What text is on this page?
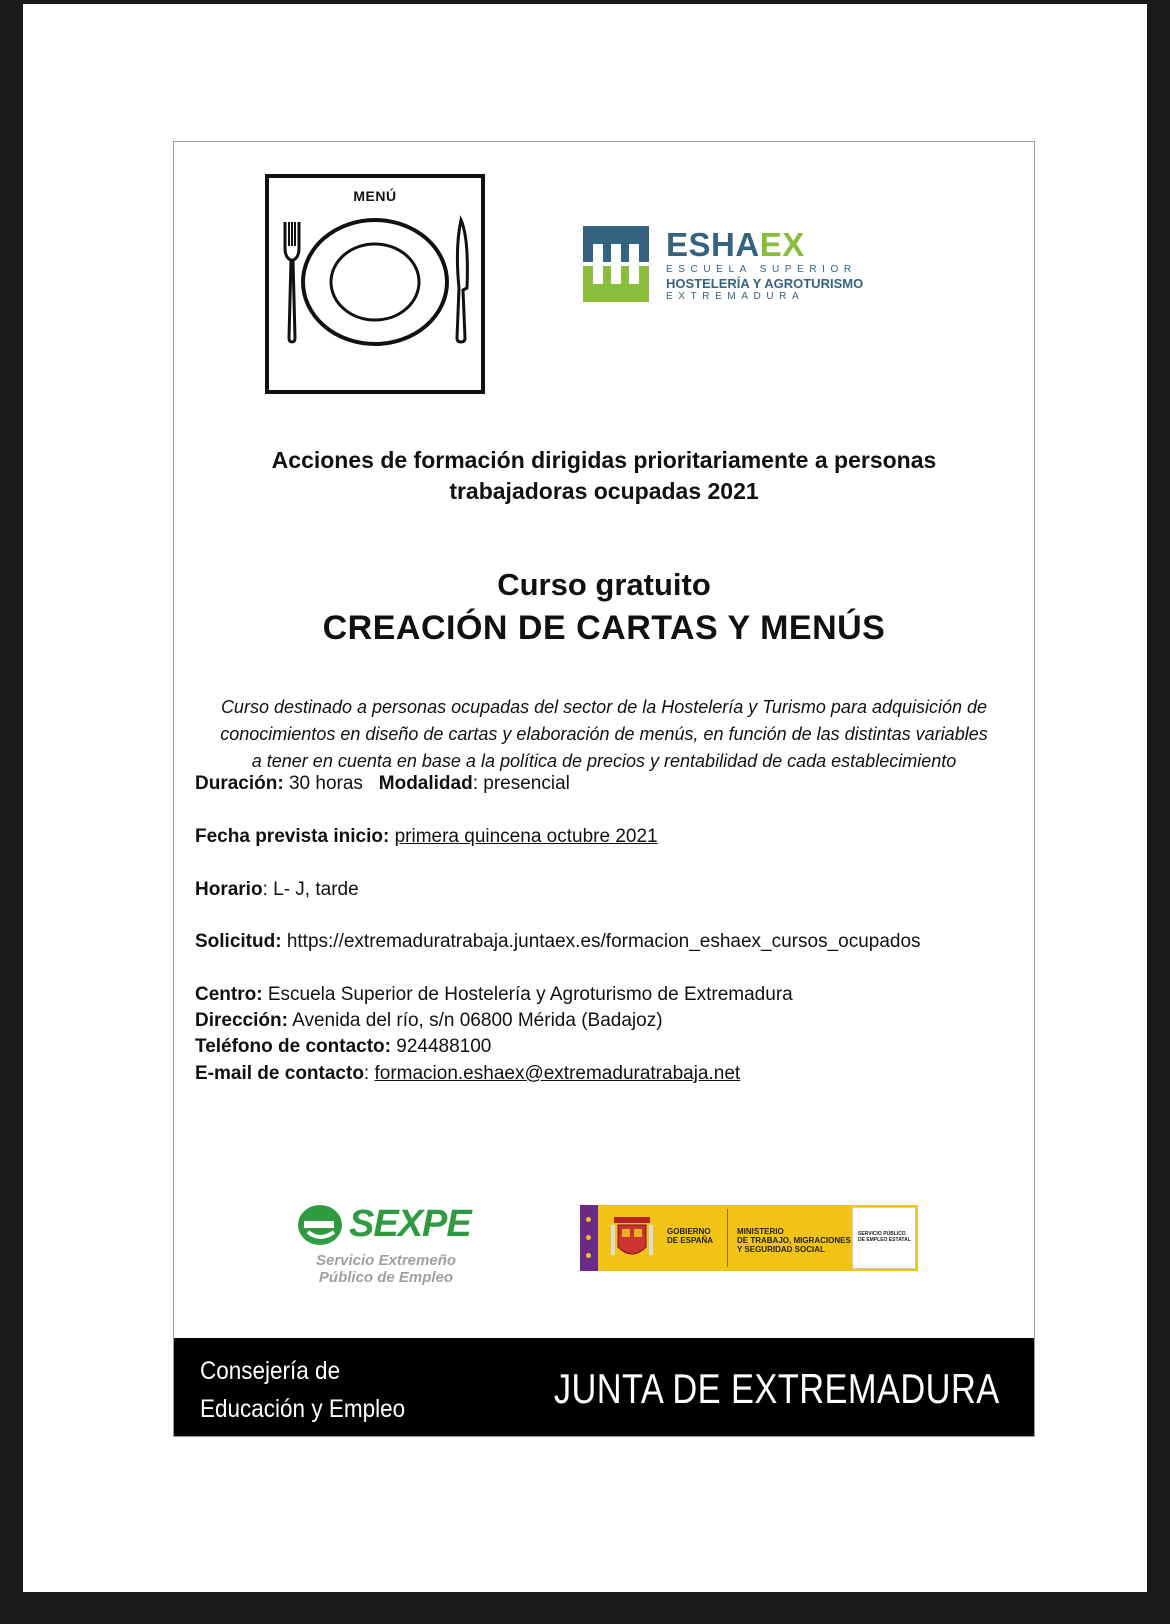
MENÚ
ESHAEX
ESCUELA SUPERIOR
HOSTELERÍA Y AGROTURISMO
EXTREMADURA
Acciones de formación dirigidas prioritariamente a personas
trabajadoras ocupadas 2021
Curso gratuito
CREACIÓN DE CARTAS Y MENÚS
Curso destinado a personas ocupadas del sector de la Hostelería y Turismo para adquisición de
conocimientos en diseño de cartas y elaboración de menús, en función de las distintas variables
a tener en cuenta en base a la política de precios y rentabilidad de cada establecimiento
Duración: 30 horas Modalidad: presencial
Fecha prevista inicio: primera quincena octubre 2021
Horario: L- J, tarde
Solicitud: https://extremaduratrabaja.juntaex.es/formacion_eshaex_cursos_ocupados
Centro: Escuela Superior de Hostelería y Agroturismo de Extremadura
Dirección: Avenida del río, s/n 06800 Mérida (Badajoz)
Teléfono de contacto: 924488100
E-mail de contacto: formacion.eshaex@extremaduratrabaja.net
SEXPE
Servicio Extremeño
Público de Empleo
GOBIERNO
DE ESPAÑA
MINISTERIO
DE TRABAJO, MIGRACIONES
Y SEGURIDAD SOCIAL
SERVICIO PÚBLICO
DE EMPLEO ESTATAL
Consejería de
Educación y Empleo	JUNTA DE EXTREMADURA
